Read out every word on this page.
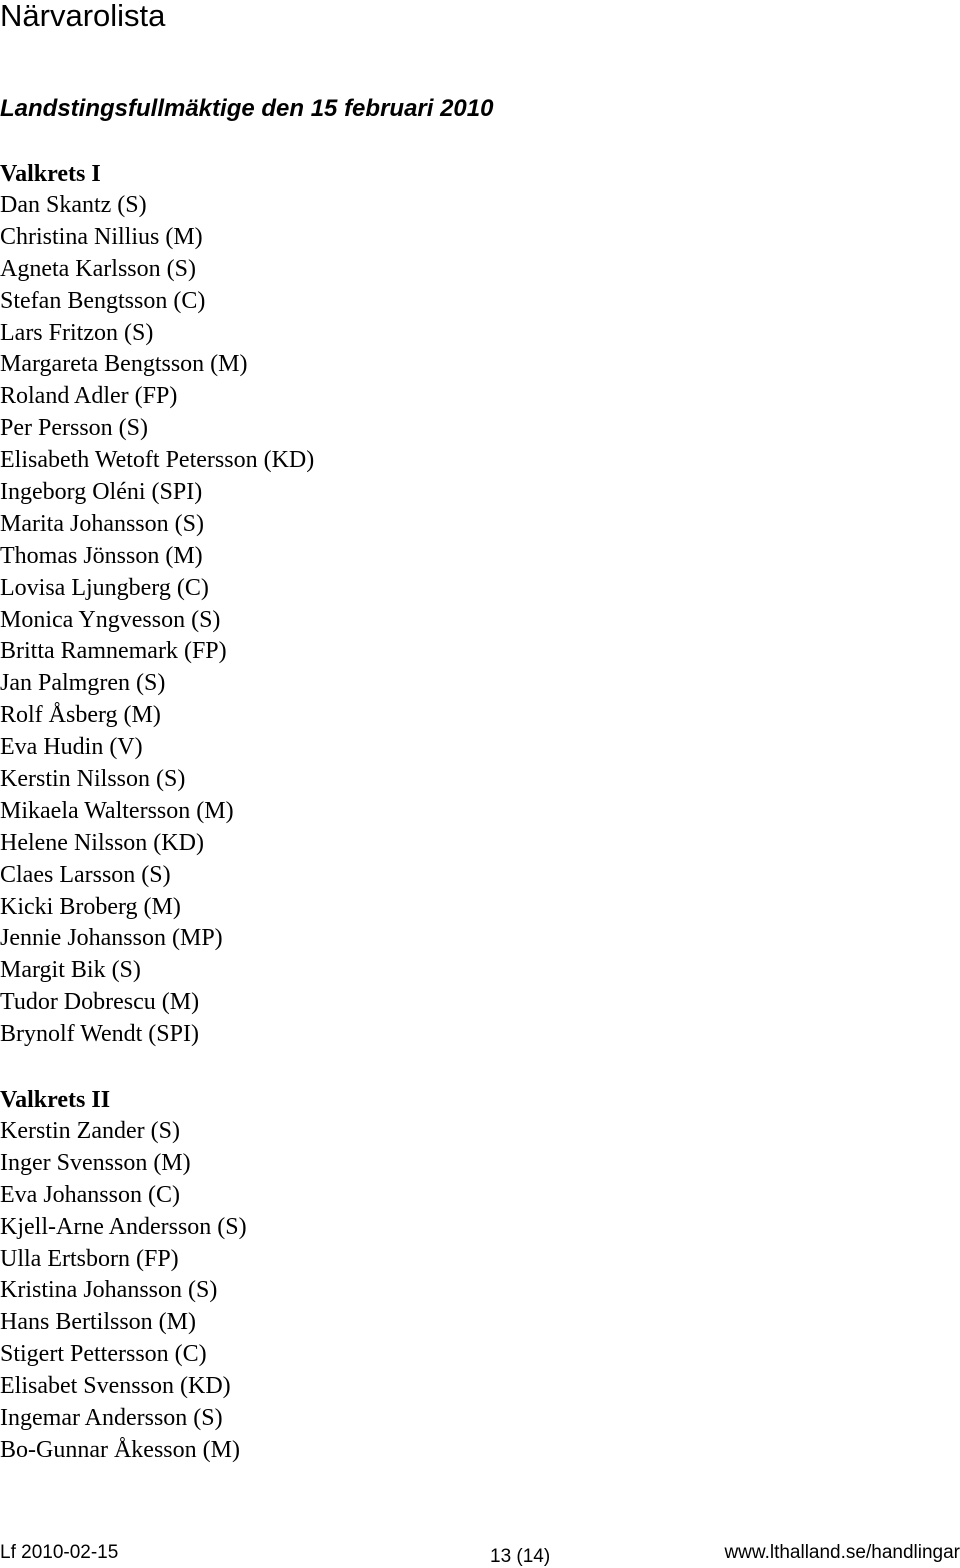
Närvarolista
Landstingsfullmäktige den 15 februari 2010
Valkrets I
Dan Skantz (S)
Christina Nillius (M)
Agneta Karlsson (S)
Stefan Bengtsson (C)
Lars Fritzon (S)
Margareta Bengtsson (M)
Roland Adler (FP)
Per Persson (S)
Elisabeth Wetoft Petersson (KD)
Ingeborg Oléni (SPI)
Marita Johansson (S)
Thomas Jönsson (M)
Lovisa Ljungberg (C)
Monica Yngvesson (S)
Britta Ramnemark (FP)
Jan Palmgren (S)
Rolf Åsberg (M)
Eva Hudin (V)
Kerstin Nilsson (S)
Mikaela Waltersson (M)
Helene Nilsson (KD)
Claes Larsson (S)
Kicki Broberg (M)
Jennie Johansson (MP)
Margit Bik (S)
Tudor Dobrescu (M)
Brynolf Wendt (SPI)
Valkrets II
Kerstin Zander (S)
Inger Svensson (M)
Eva Johansson (C)
Kjell-Arne Andersson (S)
Ulla Ertsborn (FP)
Kristina Johansson (S)
Hans Bertilsson (M)
Stigert Pettersson (C)
Elisabet Svensson (KD)
Ingemar Andersson (S)
Bo-Gunnar Åkesson (M)
Lf 2010-02-15	13 (14)	www.lthalland.se/handlingar
